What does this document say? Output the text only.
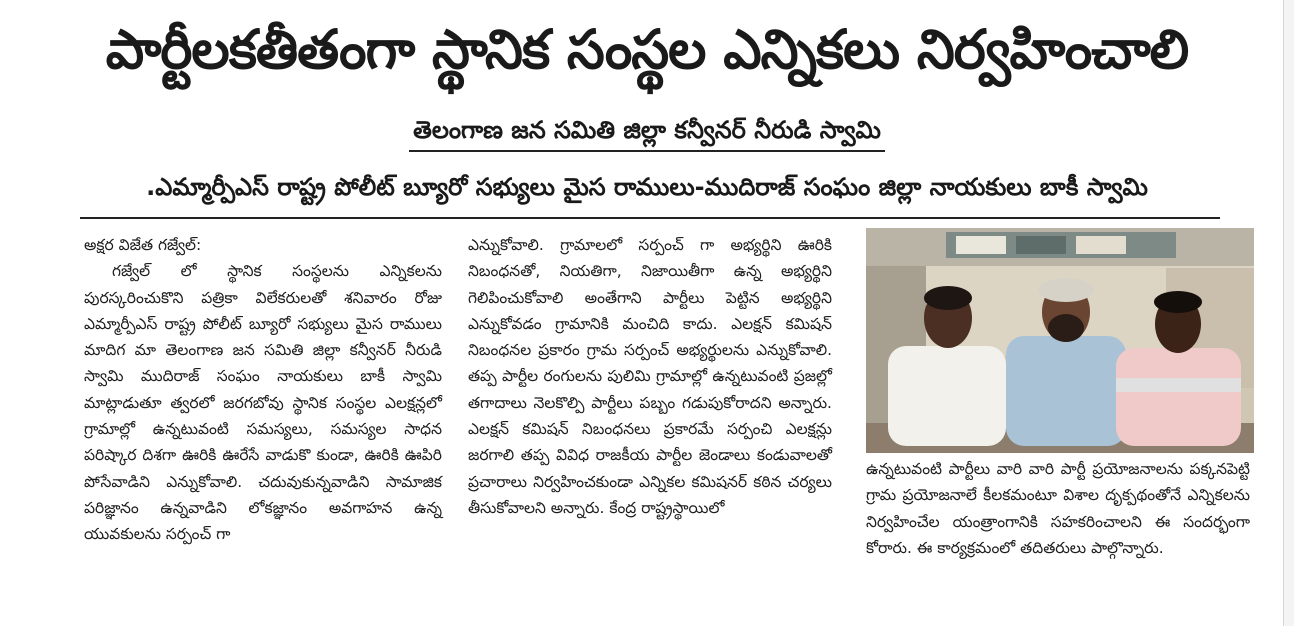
పార్టీలకతీతంగా స్థానిక సంస్థల ఎన్నికలు నిర్వహించాలి
తెలంగాణ జన సమితి జిల్లా కన్వీనర్ నీరుడి స్వామి
.ఎమ్మార్పీఎస్ రాష్ట్ర పోలీట్ బ్యూరో సభ్యులు మైస రాములు-ముదిరాజ్ సంఘం జిల్లా నాయకులు బాకీ స్వామి

అక్షర విజేత గజ్వేల్:

గజ్వేల్ లో స్థానిక సంస్థలను ఎన్నికలను పురస్కరించుకొని పత్రికా విలేకరులతో శనివారం రోజు ఎమ్మార్పీఎస్ రాష్ట్ర పోలీట్ బ్యూరో సభ్యులు మైస రాములు మాదిగ మా తెలంగాణ జన సమితి జిల్లా కన్వీనర్ నీరుడి స్వామి ముదిరాజ్ సంఘం నాయకులు బాకీ స్వామి మాట్లాడుతూ త్వరలో జరగబోవు స్థానిక సంస్థల ఎలక్షన్లలో గ్రామాల్లో ఉన్నటువంటి సమస్యలు, సమస్యల సాధన పరిష్కార దిశగా ఊరికి ఊరేసే వాడుకొ కుండా, ఊరికి ఊపిరి పోసేవాడిని ఎన్నుకోవాలి. చదువుకున్నవాడిని సామాజిక పరిజ్ఞానం ఉన్నవాడిని లోకజ్ఞానం అవగాహన ఉన్న యువకులను సర్పంచ్ గా

ఎన్నుకోవాలి. గ్రామాలలో సర్పంచ్ గా అభ్యర్థిని ఊరికి నిబంధనతో, నియతిగా, నిజాయితీగా ఉన్న అభ్యర్థిని గెలిపించుకోవాలి అంతేగాని పార్టీలు పెట్టిన అభ్యర్థిని ఎన్నుకోవడం గ్రామానికి మంచిది కాదు. ఎలక్షన్ కమిషన్ నిబంధనల ప్రకారం గ్రామ సర్పంచ్ అభ్యర్థులను ఎన్నుకోవాలి. తప్ప పార్టీల రంగులను పులిమి గ్రామాల్లో ఉన్నటువంటి ప్రజల్లో తగాదాలు నెలకొల్పి పార్టీలు పబ్బం గడుపుకోరాదని అన్నారు. ఎలక్షన్ కమిషన్ నిబంధనలు ప్రకారమే సర్పంచి ఎలక్షన్లు జరగాలి తప్ప వివిధ రాజకీయ పార్టీల జెండాలు కండువాలతో ప్రచారాలు నిర్వహించకుండా ఎన్నికల కమిషనర్ కఠిన చర్యలు తీసుకోవాలని అన్నారు. కేంద్ర రాష్ట్రస్థాయిలో

ఉన్నటువంటి పార్టీలు వారి వారి పార్టీ ప్రయోజనాలను పక్కనపెట్టి గ్రామ ప్రయోజనాలే కీలకమంటూ విశాల దృక్పథంతోనే ఎన్నికలను నిర్వహించేల యంత్రాంగానికి సహకరించాలని ఈ సందర్భంగా కోరారు. ఈ కార్యక్రమంలో తదితరులు పాల్గొన్నారు.
